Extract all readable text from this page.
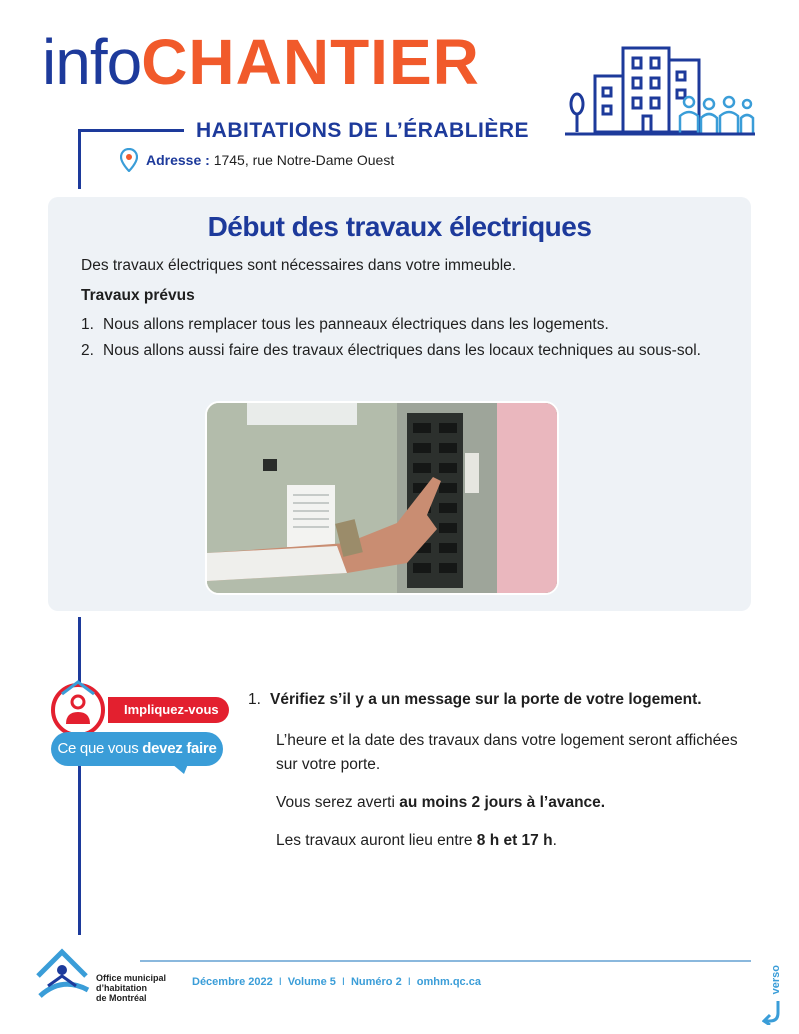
infoCHANTIER
HABITATIONS DE L’ÉRABLIÈRE
Adresse : 1745, rue Notre-Dame Ouest
Début des travaux électriques
Des travaux électriques sont nécessaires dans votre immeuble.
Travaux prévus
1. Nous allons remplacer tous les panneaux électriques dans les logements.
2. Nous allons aussi faire des travaux électriques dans les locaux techniques au sous-sol.
Impliquez-vous
Ce que vous devez faire
1. Vérifiez s’il y a un message sur la porte de votre logement.
L’heure et la date des travaux dans votre logement seront affichées sur votre porte.
Vous serez averti au moins 2 jours à l’avance.
Les travaux auront lieu entre 8 h et 17 h.
Office municipal
d’habitation
de Montréal
Décembre 2022 I Volume 5 I Numéro 2 I omhm.qc.ca	verso
